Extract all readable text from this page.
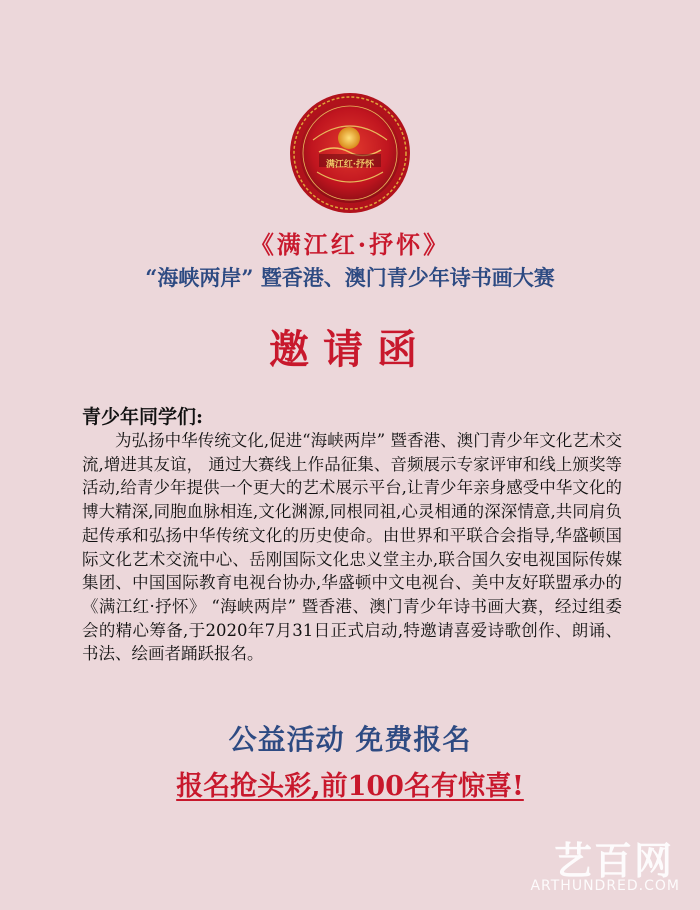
满江红·抒怀
《满江红·抒怀》
“海峡两岸” 暨香港、澳门青少年诗书画大赛
邀请函
青少年同学们:
为弘扬中华传统文化,促进“海峡两岸” 暨香港、澳门青少年文化艺术交流,增进其友谊， 通过大赛线上作品征集、音频展示专家评审和线上颁奖等活动,给青少年提供一个更大的艺术展示平台,让青少年亲身感受中华文化的博大精深,同胞血脉相连,文化渊源,同根同祖,心灵相通的深深情意,共同肩负起传承和弘扬中华传统文化的历史使命。由世界和平联合会指导,华盛顿国际文化艺术交流中心、岳刚国际文化忠义堂主办,联合国久安电视国际传媒集团、中国国际教育电视台协办,华盛顿中文电视台、美中友好联盟承办的《满江红·抒怀》 “海峡两岸” 暨香港、澳门青少年诗书画大赛，经过组委会的精心筹备,于2020年7月31日正式启动,特邀请喜爱诗歌创作、朗诵、书法、绘画者踊跃报名。
公益活动 免费报名
报名抢头彩,前100名有惊喜!
艺百网
ARTHUNDRED.COM
